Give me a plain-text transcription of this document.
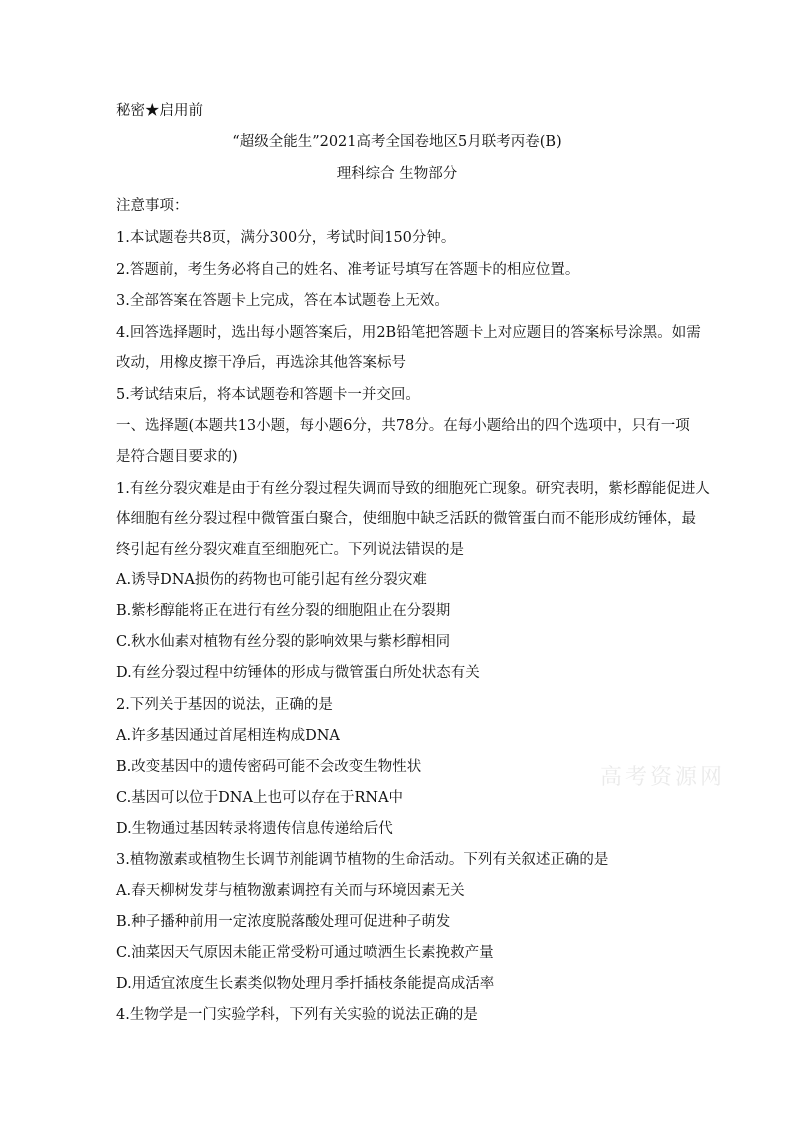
秘密★启用前
“超级全能生”2021高考全国卷地区5月联考丙卷(B)
理科综合 生物部分
注意事项：
1.本试题卷共8页，满分300分，考试时间150分钟。
2.答题前，考生务必将自己的姓名、准考证号填写在答题卡的相应位置。
3.全部答案在答题卡上完成，答在本试题卷上无效。
4.回答选择题时，选出每小题答案后，用2B铅笔把答题卡上对应题目的答案标号涂黑。如需
改动，用橡皮擦干净后，再选涂其他答案标号
5.考试结束后，将本试题卷和答题卡一并交回。
一、选择题(本题共13小题，每小题6分，共78分。在每小题给出的四个选项中，只有一项
是符合题目要求的)
1.有丝分裂灾难是由于有丝分裂过程失调而导致的细胞死亡现象。研究表明，紫杉醇能促进人
体细胞有丝分裂过程中微管蛋白聚合，使细胞中缺乏活跃的微管蛋白而不能形成纺锤体，最
终引起有丝分裂灾难直至细胞死亡。下列说法错误的是
A.诱导DNA损伤的药物也可能引起有丝分裂灾难
B.紫杉醇能将正在进行有丝分裂的细胞阻止在分裂期
C.秋水仙素对植物有丝分裂的影响效果与紫杉醇相同
D.有丝分裂过程中纺锤体的形成与微管蛋白所处状态有关
2.下列关于基因的说法，正确的是
A.许多基因通过首尾相连构成DNA
B.改变基因中的遗传密码可能不会改变生物性状
C.基因可以位于DNA上也可以存在于RNA中
D.生物通过基因转录将遗传信息传递给后代
3.植物激素或植物生长调节剂能调节植物的生命活动。下列有关叙述正确的是
A.春天柳树发芽与植物激素调控有关而与环境因素无关
B.种子播种前用一定浓度脱落酸处理可促进种子萌发
C.油菜因天气原因未能正常受粉可通过喷洒生长素挽救产量
D.用适宜浓度生长素类似物处理月季扦插枝条能提高成活率
4.生物学是一门实验学科，下列有关实验的说法正确的是
高考资源网
